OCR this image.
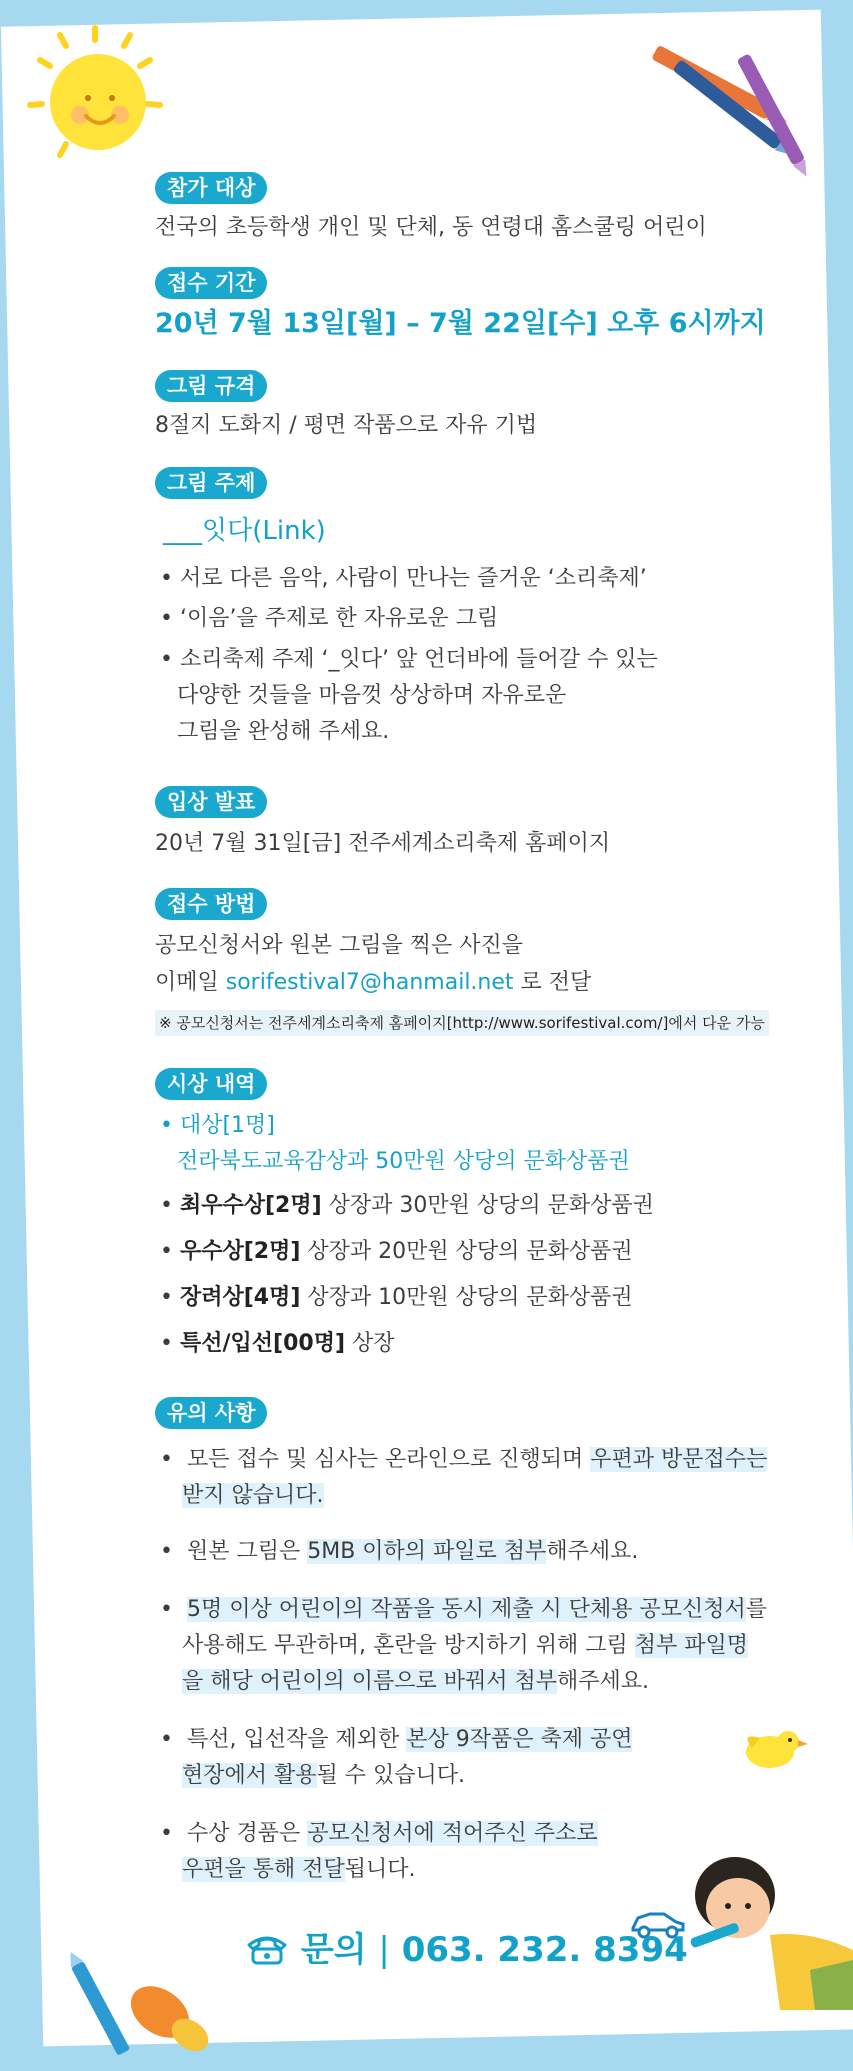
참가 대상
전국의 초등학생 개인 및 단체, 동 연령대 홈스쿨링 어린이
접수 기간
20년 7월 13일[월] – 7월 22일[수] 오후 6시까지
그림 규격
8절지 도화지 / 평면 작품으로 자유 기법
그림 주제
___잇다(Link)
• 서로 다른 음악, 사람이 만나는 즐거운 ‘소리축제’
• ‘이음’을 주제로 한 자유로운 그림
• 소리축제 주제 ‘_잇다’ 앞 언더바에 들어갈 수 있는
다양한 것들을 마음껏 상상하며 자유로운
그림을 완성해 주세요.
입상 발표
20년 7월 31일[금] 전주세계소리축제 홈페이지
접수 방법
공모신청서와 원본 그림을 찍은 사진을
이메일 sorifestival7@hanmail.net 로 전달
※ 공모신청서는 전주세계소리축제 홈페이지[http://www.sorifestival.com/]에서 다운 가능
시상 내역
• 대상[1명]
전라북도교육감상과 50만원 상당의 문화상품권
• 최우수상[2명] 상장과 30만원 상당의 문화상품권
• 우수상[2명] 상장과 20만원 상당의 문화상품권
• 장려상[4명] 상장과 10만원 상당의 문화상품권
• 특선/입선[00명] 상장
유의 사항
• 모든 접수 및 심사는 온라인으로 진행되며 우편과 방문접수는
받지 않습니다.
• 원본 그림은 5MB 이하의 파일로 첨부해주세요.
• 5명 이상 어린이의 작품을 동시 제출 시 단체용 공모신청서를
사용해도 무관하며, 혼란을 방지하기 위해 그림 첨부 파일명
을 해당 어린이의 이름으로 바꿔서 첨부해주세요.
• 특선, 입선작을 제외한 본상 9작품은 축제 공연
현장에서 활용될 수 있습니다.
• 수상 경품은 공모신청서에 적어주신 주소로
우편을 통해 전달됩니다.
문의 | 063. 232. 8394
